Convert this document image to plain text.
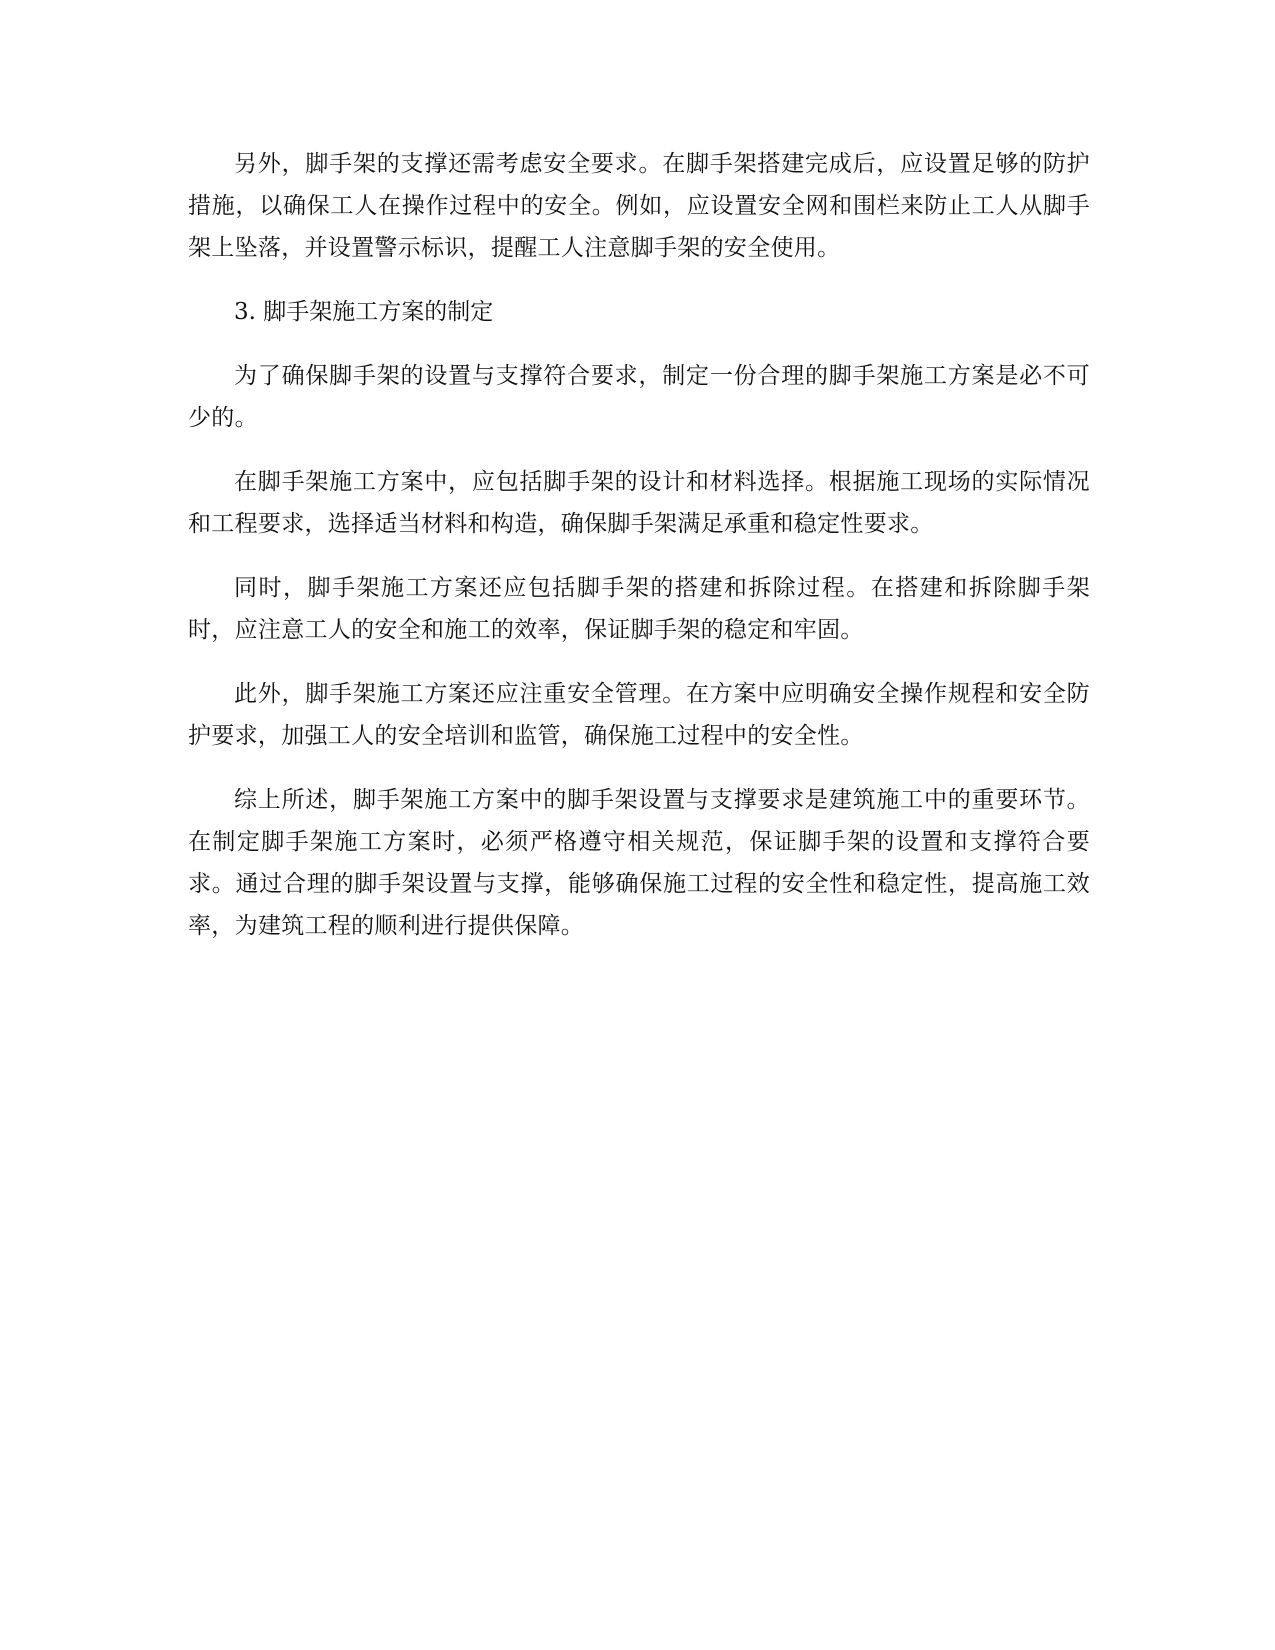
另外，脚手架的支撑还需考虑安全要求。在脚手架搭建完成后，应设置足够的防护措施，以确保工人在操作过程中的安全。例如，应设置安全网和围栏来防止工人从脚手架上坠落，并设置警示标识，提醒工人注意脚手架的安全使用。

3. 脚手架施工方案的制定

为了确保脚手架的设置与支撑符合要求，制定一份合理的脚手架施工方案是必不可少的。

在脚手架施工方案中，应包括脚手架的设计和材料选择。根据施工现场的实际情况和工程要求，选择适当材料和构造，确保脚手架满足承重和稳定性要求。

同时，脚手架施工方案还应包括脚手架的搭建和拆除过程。在搭建和拆除脚手架时，应注意工人的安全和施工的效率，保证脚手架的稳定和牢固。

此外，脚手架施工方案还应注重安全管理。在方案中应明确安全操作规程和安全防护要求，加强工人的安全培训和监管，确保施工过程中的安全性。

综上所述，脚手架施工方案中的脚手架设置与支撑要求是建筑施工中的重要环节。在制定脚手架施工方案时，必须严格遵守相关规范，保证脚手架的设置和支撑符合要求。通过合理的脚手架设置与支撑，能够确保施工过程的安全性和稳定性，提高施工效率，为建筑工程的顺利进行提供保障。
